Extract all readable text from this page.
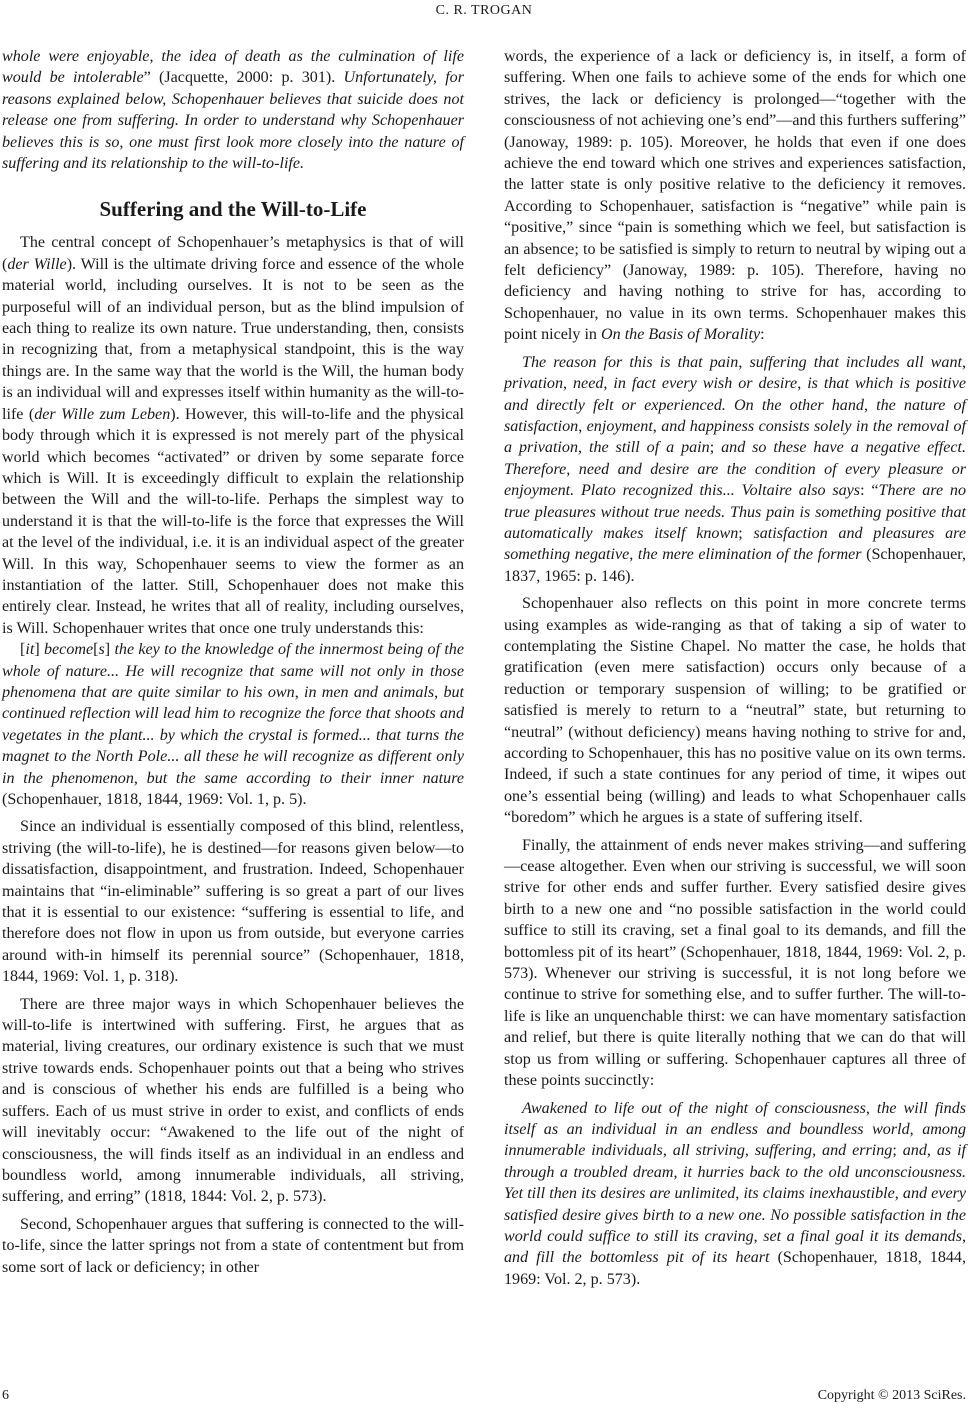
C. R. TROGAN

whole were enjoyable, the idea of death as the culmination of life would be intolerable” (Jacquette, 2000: p. 301). Unfortunately, for reasons explained below, Schopenhauer believes that suicide does not release one from suffering. In order to understand why Schopenhauer believes this is so, one must first look more closely into the nature of suffering and its relationship to the will-to-life.

Suffering and the Will-to-Life

The central concept of Schopenhauer’s metaphysics is that of will (der Wille). Will is the ultimate driving force and essence of the whole material world, including ourselves. It is not to be seen as the purposeful will of an individual person, but as the blind impulsion of each thing to realize its own nature. True understanding, then, consists in recognizing that, from a metaphysical standpoint, this is the way things are. In the same way that the world is the Will, the human body is an individual will and expresses itself within humanity as the will-to-life (der Wille zum Leben). However, this will-to-life and the physical body through which it is expressed is not merely part of the physical world which becomes “activated” or driven by some separate force which is Will. It is exceedingly difficult to explain the relationship between the Will and the will-to-life. Perhaps the simplest way to understand it is that the will-to-life is the force that expresses the Will at the level of the individual, i.e. it is an individual aspect of the greater Will. In this way, Schopenhauer seems to view the former as an instantiation of the latter. Still, Schopenhauer does not make this entirely clear. Instead, he writes that all of reality, including ourselves, is Will. Schopenhauer writes that once one truly understands this:

[it] become[s] the key to the knowledge of the innermost being of the whole of nature... He will recognize that same will not only in those phenomena that are quite similar to his own, in men and animals, but continued reflection will lead him to recognize the force that shoots and vegetates in the plant... by which the crystal is formed... that turns the magnet to the North Pole... all these he will recognize as different only in the phenomenon, but the same according to their inner nature (Schopenhauer, 1818, 1844, 1969: Vol. 1, p. 5).

Since an individual is essentially composed of this blind, relentless, striving (the will-to-life), he is destined—for reasons given below—to dissatisfaction, disappointment, and frustration. Indeed, Schopenhauer maintains that “in-eliminable” suffering is so great a part of our lives that it is essential to our existence: “suffering is essential to life, and therefore does not flow in upon us from outside, but everyone carries around with-in himself its perennial source” (Schopenhauer, 1818, 1844, 1969: Vol. 1, p. 318).

There are three major ways in which Schopenhauer believes the will-to-life is intertwined with suffering. First, he argues that as material, living creatures, our ordinary existence is such that we must strive towards ends. Schopenhauer points out that a being who strives and is conscious of whether his ends are fulfilled is a being who suffers. Each of us must strive in order to exist, and conflicts of ends will inevitably occur: “Awakened to the life out of the night of consciousness, the will finds itself as an individual in an endless and boundless world, among innumerable individuals, all striving, suffering, and erring” (1818, 1844: Vol. 2, p. 573).

Second, Schopenhauer argues that suffering is connected to the will-to-life, since the latter springs not from a state of contentment but from some sort of lack or deficiency; in other

words, the experience of a lack or deficiency is, in itself, a form of suffering. When one fails to achieve some of the ends for which one strives, the lack or deficiency is prolonged—“together with the consciousness of not achieving one’s end”—and this furthers suffering” (Janoway, 1989: p. 105). Moreover, he holds that even if one does achieve the end toward which one strives and experiences satisfaction, the latter state is only positive relative to the deficiency it removes. According to Schopenhauer, satisfaction is “negative” while pain is “positive,” since “pain is something which we feel, but satisfaction is an absence; to be satisfied is simply to return to neutral by wiping out a felt deficiency” (Janoway, 1989: p. 105). Therefore, having no deficiency and having nothing to strive for has, according to Schopenhauer, no value in its own terms. Schopenhauer makes this point nicely in On the Basis of Morality:

The reason for this is that pain, suffering that includes all want, privation, need, in fact every wish or desire, is that which is positive and directly felt or experienced. On the other hand, the nature of satisfaction, enjoyment, and happiness consists solely in the removal of a privation, the still of a pain; and so these have a negative effect. Therefore, need and desire are the condition of every pleasure or enjoyment. Plato recognized this... Voltaire also says: “There are no true pleasures without true needs. Thus pain is something positive that automatically makes itself known; satisfaction and pleasures are something negative, the mere elimination of the former (Schopenhauer, 1837, 1965: p. 146).

Schopenhauer also reflects on this point in more concrete terms using examples as wide-ranging as that of taking a sip of water to contemplating the Sistine Chapel. No matter the case, he holds that gratification (even mere satisfaction) occurs only because of a reduction or temporary suspension of willing; to be gratified or satisfied is merely to return to a “neutral” state, but returning to “neutral” (without deficiency) means having nothing to strive for and, according to Schopenhauer, this has no positive value on its own terms. Indeed, if such a state continues for any period of time, it wipes out one’s essential being (willing) and leads to what Schopenhauer calls “boredom” which he argues is a state of suffering itself.

Finally, the attainment of ends never makes striving—and suffering—cease altogether. Even when our striving is successful, we will soon strive for other ends and suffer further. Every satisfied desire gives birth to a new one and “no possible satisfaction in the world could suffice to still its craving, set a final goal to its demands, and fill the bottomless pit of its heart” (Schopenhauer, 1818, 1844, 1969: Vol. 2, p. 573). Whenever our striving is successful, it is not long before we continue to strive for something else, and to suffer further. The will-to-life is like an unquenchable thirst: we can have momentary satisfaction and relief, but there is quite literally nothing that we can do that will stop us from willing or suffering. Schopenhauer captures all three of these points succinctly:

Awakened to life out of the night of consciousness, the will finds itself as an individual in an endless and boundless world, among innumerable individuals, all striving, suffering, and erring; and, as if through a troubled dream, it hurries back to the old unconsciousness. Yet till then its desires are unlimited, its claims inexhaustible, and every satisfied desire gives birth to a new one. No possible satisfaction in the world could suffice to still its craving, set a final goal it its demands, and fill the bottomless pit of its heart (Schopenhauer, 1818, 1844, 1969: Vol. 2, p. 573).

6	Copyright © 2013 SciRes.
